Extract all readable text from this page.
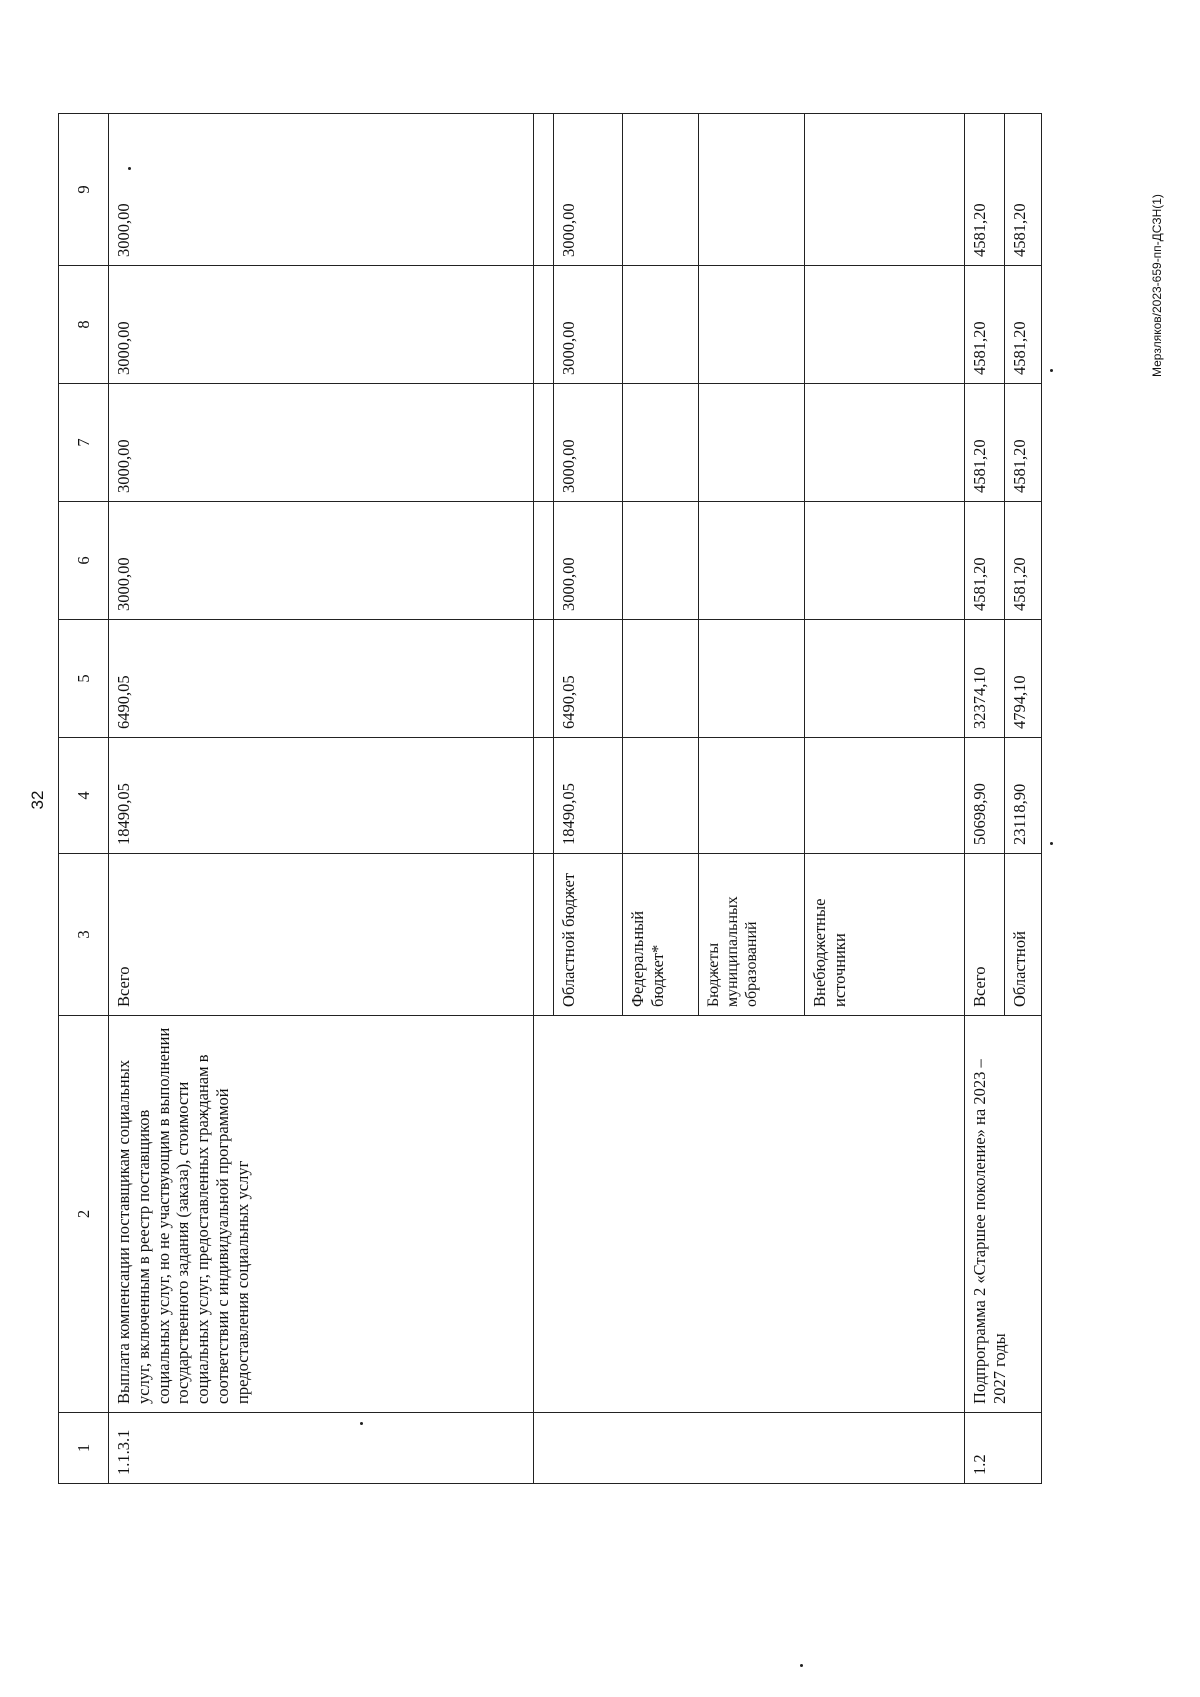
32
1	2	3	4	5	6	7	8	9
1.1.3.1	Выплата компенсации поставщикам социальных услуг, включенным в реестр поставщиков социальных услуг, но не участвующим в выполнении государственного задания (заказа), стоимости социальных услуг, предоставленных гражданам в соответствии с индивидуальной программой предоставления социальных услуг	Всего	18490,05	6490,05	3000,00	3000,00	3000,00	3000,00

		Областной бюджет	18490,05	6490,05	3000,00	3000,00	3000,00	3000,00
		Федеральный бюджет*						
		Бюджеты муниципальных образований						
		Внебюджетные источники						
1.2	Подпрограмма 2 «Старшее поколение» на 2023 – 2027 годы	Всего	50698,90	32374,10	4581,20	4581,20	4581,20	4581,20
		Областной	23118,90	4794,10	4581,20	4581,20	4581,20	4581,20	Мерзляков/2023-659-пп-ДСЗН(1)
